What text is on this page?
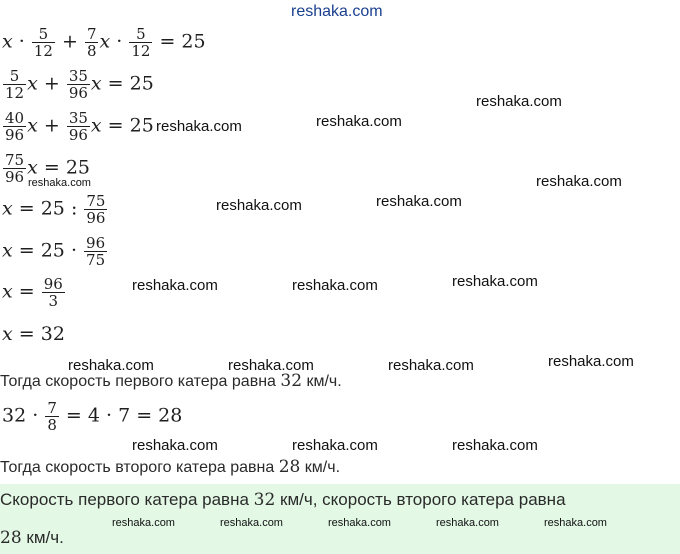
reshaka.com
$x \cdot \frac{5}{12} + \frac{7}{8}$ $x \cdot \frac{5}{12} = 25$
$\frac{5}{12}$ $x + \frac{35}{96}$ x = 25
$\frac{40}{96}$ $x + \frac{35}{96}$ x = 25
$\frac{75}{96}$ x = 25
x = 25 : $\frac{75}{96}$
$x = 25 \cdot \frac{96}{75}$
$x = \frac{96}{3}$
x = 32
Тогда скорость первого катера равна 32 км/ч.
$32 \cdot \frac{7}{8} = 4 \cdot 7 = 28$
Тогда скорость второго катера равна 28 км/ч.
Скорость первого катера равна 32 км/ч, скорость второго катера равна
28 км/ч.
reshaka.com
reshaka.com	reshaka.com
reshaka.com	reshaka.com
reshaka.com	reshaka.com
reshaka.com	reshaka.com	reshaka.com
reshaka.com	reshaka.com	reshaka.com	reshaka.com
reshaka.com	reshaka.com	reshaka.com
reshaka.com	reshaka.com	reshaka.com	reshaka.com	reshaka.com
